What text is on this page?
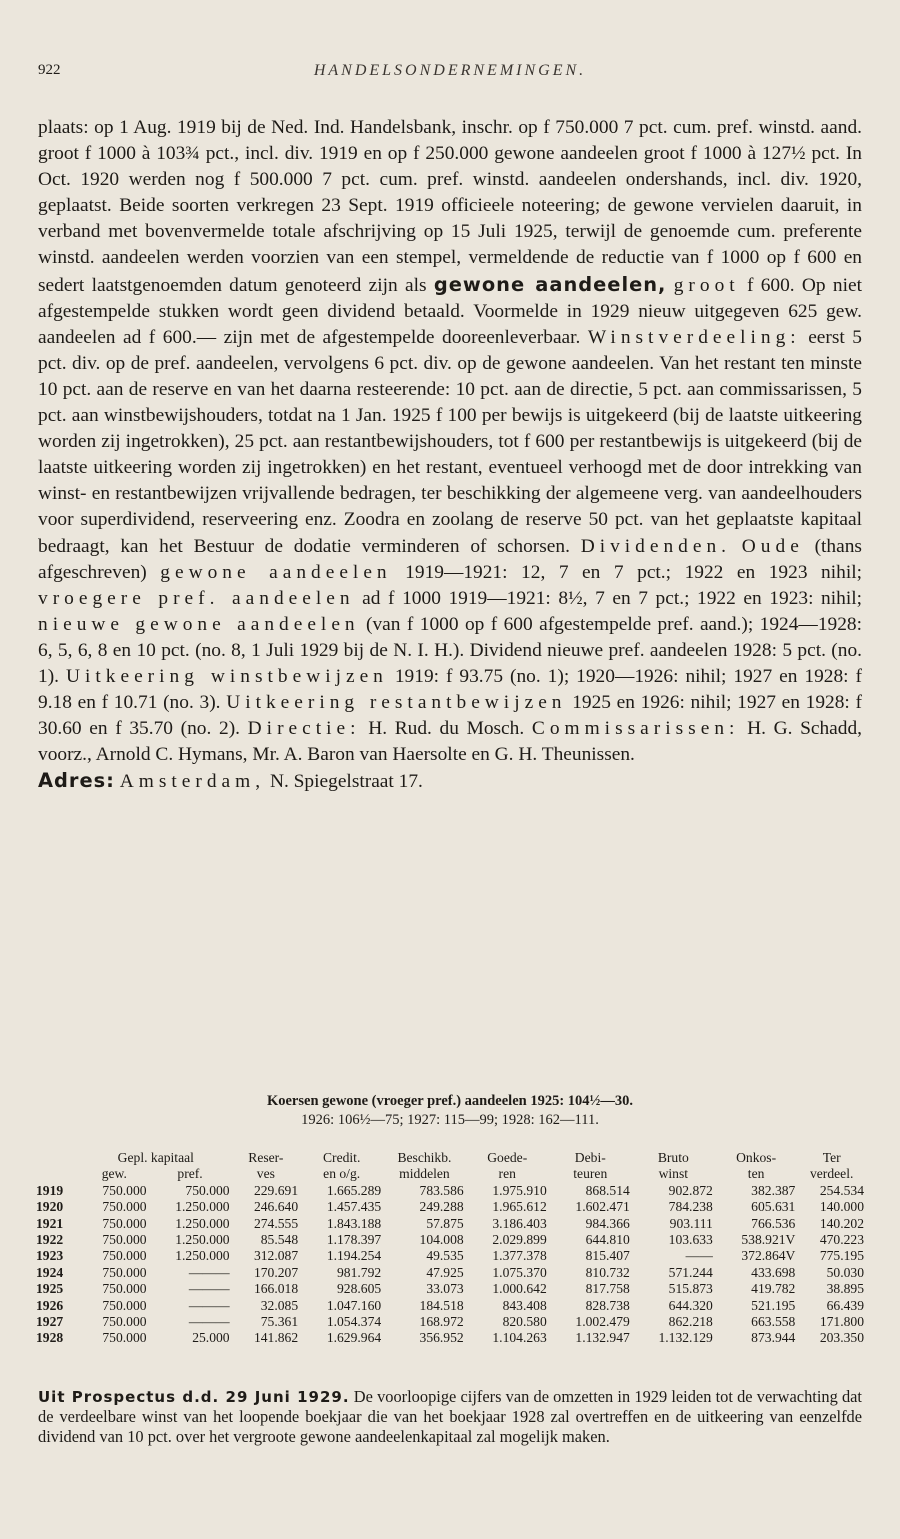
922	HANDELSONDERNEMINGEN.

plaats: op 1 Aug. 1919 bij de Ned. Ind. Handelsbank, inschr. op f 750.000 7 pct. cum. pref. winstd. aand. groot f 1000 à 103¾ pct., incl. div. 1919 en op f 250.000 gewone aandeelen groot f 1000 à 127½ pct. In Oct. 1920 werden nog f 500.000 7 pct. cum. pref. winstd. aandeelen ondershands, incl. div. 1920, geplaatst. Beide soorten verkregen 23 Sept. 1919 officieele noteering; de gewone vervielen daaruit, in verband met bovenvermelde totale afschrijving op 15 Juli 1925, terwijl de genoemde cum. preferente winstd. aandeelen werden voorzien van een stempel, vermeldende de reductie van f 1000 op f 600 en sedert laatstgenoemden datum genoteerd zijn als gewone aandeelen, groot f 600. Op niet afgestempelde stukken wordt geen dividend betaald. Voormelde in 1929 nieuw uitgegeven 625 gew. aandeelen ad f 600.— zijn met de afgestempelde dooreenleverbaar. Winstverdeeling: eerst 5 pct. div. op de pref. aandeelen, vervolgens 6 pct. div. op de gewone aandeelen. Van het restant ten minste 10 pct. aan de reserve en van het daarna resteerende: 10 pct. aan de directie, 5 pct. aan commissarissen, 5 pct. aan winstbewijshouders, totdat na 1 Jan. 1925 f 100 per bewijs is uitgekeerd (bij de laatste uitkeering worden zij ingetrokken), 25 pct. aan restantbewijshouders, tot f 600 per restantbewijs is uitgekeerd (bij de laatste uitkeering worden zij ingetrokken) en het restant, eventueel verhoogd met de door intrekking van winst- en restantbewijzen vrijvallende bedragen, ter beschikking der algemeene verg. van aandeelhouders voor superdividend, reserveering enz. Zoodra en zoolang de reserve 50 pct. van het geplaatste kapitaal bedraagt, kan het Bestuur de dodatie verminderen of schorsen. Dividenden. Oude (thans afgeschreven) gewone aandeelen 1919—1921: 12, 7 en 7 pct.; 1922 en 1923 nihil; vroegere pref. aandeelen ad f 1000 1919—1921: 8½, 7 en 7 pct.; 1922 en 1923: nihil; nieuwe gewone aandeelen (van f 1000 op f 600 afgestempelde pref. aand.); 1924—1928: 6, 5, 6, 8 en 10 pct. (no. 8, 1 Juli 1929 bij de N. I. H.). Dividend nieuwe pref. aandeelen 1928: 5 pct. (no. 1). Uitkeering winstbewijzen 1919: f 93.75 (no. 1); 1920—1926: nihil; 1927 en 1928: f 9.18 en f 10.71 (no. 3). Uitkeering restantbewijzen 1925 en 1926: nihil; 1927 en 1928: f 30.60 en f 35.70 (no. 2). Directie: H. Rud. du Mosch. Commissarissen: H. G. Schadd, voorz., Arnold C. Hymans, Mr. A. Baron van Haersolte en G. H. Theunissen.

Adres: Amsterdam, N. Spiegelstraat 17.

Koersen gewone (vroeger pref.) aandeelen 1925: 104½—30.
1926: 106½—75; 1927: 115—99; 1928: 162—111.
	Gepl. kapitaal		Reser-	Credit.	Beschikb.	Goede-	Debi-	Bruto	Onkos-	Ter
	gew.	pref.	ves	en o/g.	middelen	ren	teuren	winst	ten	verdeel.
1919	750.000	750.000	229.691	1.665.289	783.586	1.975.910	868.514	902.872	382.387	254.534
1920	750.000	1.250.000	246.640	1.457.435	249.288	1.965.612	1.602.471	784.238	605.631	140.000
1921	750.000	1.250.000	274.555	1.843.188	57.875	3.186.403	984.366	903.111	766.536	140.202
1922	750.000	1.250.000	85.548	1.178.397	104.008	2.029.899	644.810	103.633	538.921V	470.223
1923	750.000	1.250.000	312.087	1.194.254	49.535	1.377.378	815.407	——	372.864V	775.195
1924	750.000	———	170.207	981.792	47.925	1.075.370	810.732	571.244	433.698	50.030
1925	750.000	———	166.018	928.605	33.073	1.000.642	817.758	515.873	419.782	38.895
1926	750.000	———	32.085	1.047.160	184.518	843.408	828.738	644.320	521.195	66.439
1927	750.000	———	75.361	1.054.374	168.972	820.580	1.002.479	862.218	663.558	171.800
1928	750.000	25.000	141.862	1.629.964	356.952	1.104.263	1.132.947	1.132.129	873.944	203.350
Uit Prospectus d.d. 29 Juni 1929. De voorloopige cijfers van de omzetten in 1929 leiden tot de verwachting dat de verdeelbare winst van het loopende boekjaar die van het boekjaar 1928 zal overtreffen en de uitkeering van eenzelfde dividend van 10 pct. over het vergroote gewone aandeelenkapitaal zal mogelijk maken.
